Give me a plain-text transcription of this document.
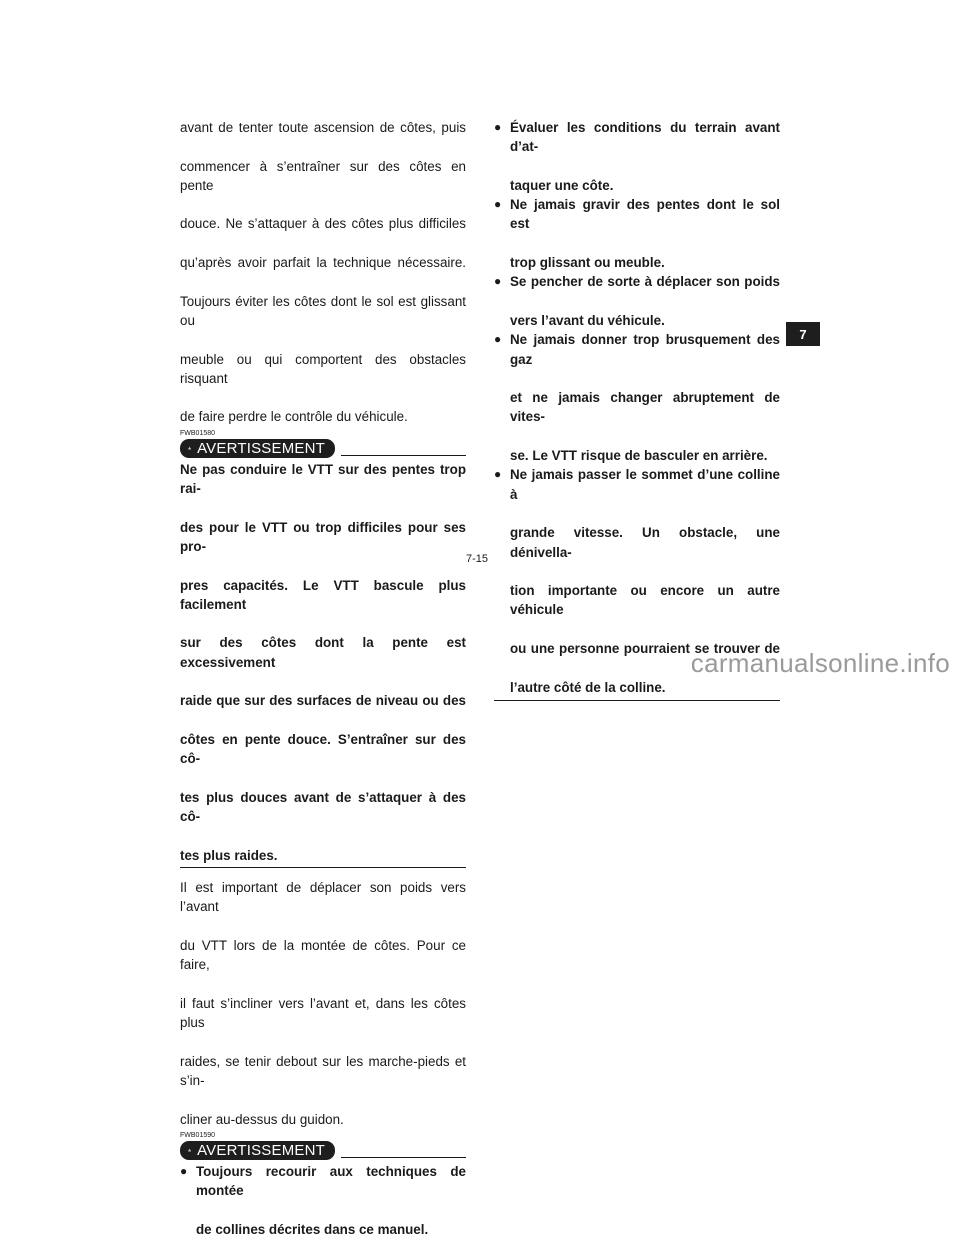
avant de tenter toute ascension de côtes, puis

commencer à s’entraîner sur des côtes en pente

douce. Ne s’attaquer à des côtes plus difficiles

qu’après avoir parfait la technique nécessaire.

Toujours éviter les côtes dont le sol est glissant ou

meuble ou qui comportent des obstacles risquant

de faire perdre le contrôle du véhicule.

FWB01580
AVERTISSEMENT

Ne pas conduire le VTT sur des pentes trop rai-

des pour le VTT ou trop difficiles pour ses pro-

pres capacités. Le VTT bascule plus facilement

sur des côtes dont la pente est excessivement

raide que sur des surfaces de niveau ou des

côtes en pente douce. S’entraîner sur des cô-

tes plus douces avant de s’attaquer à des cô-

tes plus raides.

Il est important de déplacer son poids vers l’avant

du VTT lors de la montée de côtes. Pour ce faire,

il faut s’incliner vers l’avant et, dans les côtes plus

raides, se tenir debout sur les marche-pieds et s’in-

cliner au-dessus du guidon.

FWB01590
AVERTISSEMENT
● Toujours recourir aux techniques de montée

de collines décrites dans ce manuel.

● Évaluer les conditions du terrain avant d’at-

taquer une côte.

● Ne jamais gravir des pentes dont le sol est

trop glissant ou meuble.

● Se pencher de sorte à déplacer son poids

vers l’avant du véhicule.

● Ne jamais donner trop brusquement des gaz

et ne jamais changer abruptement de vites-

se. Le VTT risque de basculer en arrière.

● Ne jamais passer le sommet d’une colline à

grande vitesse. Un obstacle, une dénivella-

tion importante ou encore un autre véhicule

ou une personne pourraient se trouver de

l’autre côté de la colline.

7
7-15
carmanualsonline.info
